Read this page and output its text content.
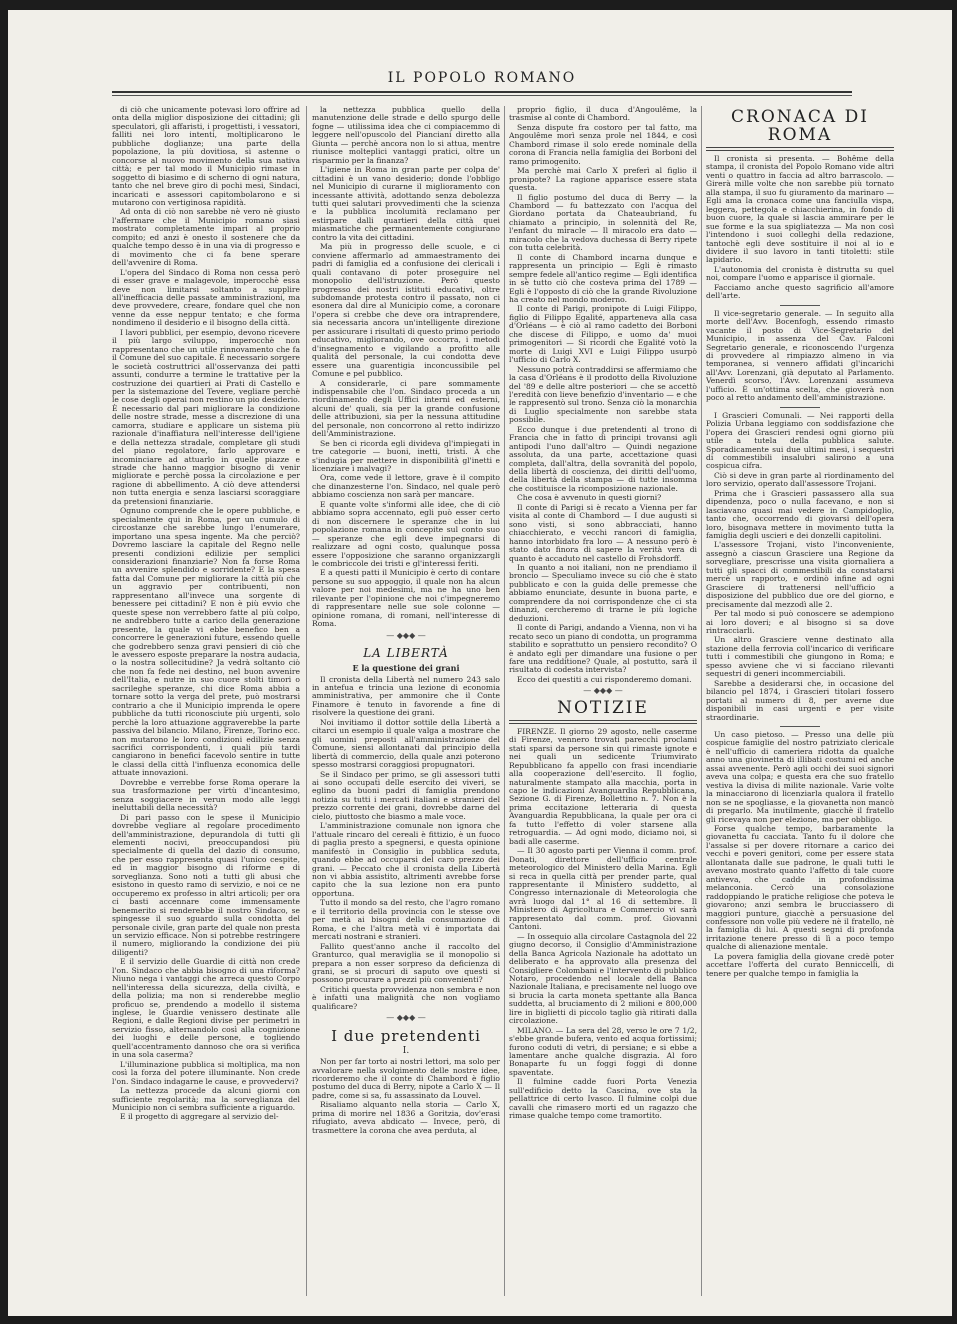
IL POPOLO ROMANO

di ciò che unicamente potevasi loro offrire ad onta della miglior disposizione dei cittadini; gli speculatori, gli affaristi, i progettisti, i vessatori, falliti nei loro intenti, moltiplicarono le pubbliche doglianze; una parte della popolazione, la più dovitiosa, si astenne o concorse al nuovo movimento della sua nativa città; e per tal modo il Municipio rimase in soggetto di biasimo e di scherno di ogni natura, tanto che nel breve giro di pochi mesi, Sindaci, incaricati e assessori capitombolarono e si mutarono con vertiginosa rapidità.

Ad onta di ciò non sarebbe nè vero nè giusto l'affermare che il Municipio romano siasi mostrato completamente impari al proprio compito; ed anzi è onesto il sostenere che da qualche tempo desso è in una via di progresso e di movimento che ci fa bene sperare dell'avvenire di Roma.

L'opera del Sindaco di Roma non cessa però di esser grave e malagevole, imperocchè essa deve non limitarsi soltanto a supplire all'inefficacia delle passate amministrazioni, ma deve provvedere, creare, fondare quel che non venne da esse neppur tentato; e che forma nondimeno il desiderio e il bisogno della città.

I lavori pubblici, per esempio, devono ricevere il più largo sviluppo, imperocchè non rappresentano che un utile rinnovamento che fa il Comune del suo capitale. È necessario sorgere le società costruttrici all'osservanza dei patti assunti, condurre a termine le trattative per la costruzione dei quartieri ai Prati di Castello e per la sistemazione del Tevere, vegliare perchè le cose degli operai non restino un pio desiderio. È necessario dal pari migliorare la condizione delle nostre strade, messe a discrezione di una camorra, studiare e applicare un sistema più razionale d'inaffiatura nell'interesse dell'igiene e della nettezza stradale, completare gli studi del piano regolatore, farlo approvare e incominciare ad attuarlo in quelle piazze e strade che hanno maggior bisogno di venir migliorate e perchè possa la circolazione e per ragione di abbellimento. A ciò deve attendersi non tutta energia e senza lasciarsi scoraggiare da pretensioni finanziarie.

Ognuno comprende che le opere pubbliche, e specialmente qui in Roma, per un cumulo di circostanze che sarebbe lungo l'enumerare, importano una spesa ingente. Ma che perciò? Dovremo lasciare la capitale del Regno nelle presenti condizioni edilizie per semplici considerazioni finanziarie? Non fa forse Roma un avvenire splendido e sorridente? E la spesa fatta dal Comune per migliorare la città più che un aggravio per contribuenti, non rappresentano all'invece una sorgente di benessere pei cittadini? E non è più evvio che queste spese non verrebbero fatte al più colpo, ne andrebbero tutte a carico della generazione presente, la quale vi ebbe benefico ben a concorrere le generazioni future, essendo quelle che godrebbero senza gravi pensieri di ciò che le avessero esposte preparare la nostra audacia, o la nostra sollecitudine? Ja vedrà soltanto ciò che non fa fede nei destino, nel buon avvenire dell'Italia, e nutre in suo cuore stolti timori o sacrileghe speranze, chi dice Roma abbia a tornare sotto la verga del prete, può mostrarsi contrario a che il Municipio imprenda le opere pubbliche da tutti riconosciute più urgenti, solo perchè la loro attuazione aggraverebbe la parte passiva del bilancio. Milano, Firenze, Torino ecc. non mutarono le loro condizioni edilizie senza sacrifici corrispondenti, i quali più tardi cangiarono in benefici facevolo sentire in tutte le classi della città l'influenza economica delle attuate innovazioni.

Dovrebbe e verrebbe forse Roma operare la sua trasformazione per virtù d'incantesimo, senza soggiacere in verun modo alle leggi ineluttabili della necessità?

Di pari passo con le spese il Municipio dovrebbe vegliare al regolare procedimento dell'amministrazione, depurandola di tutti gli elementi nocivi, preoccupandosi più specialmente di quella del dazio di consumo, che per esso rappresenta quasi l'unico cespite, ed in maggior bisogno di riforme e di sorveglianza. Sono noti a tutti gli abusi che esistono in questo ramo di servizio, e noi ce ne occuperemo ex professo in altri articoli; per ora ci basti accennare come immensamente benemerito si renderebbe il nostro Sindaco, se spingesse il suo sguardo sulla condotta del personale civile, gran parte del quale non presta un servizio efficace. Non si potrebbe restringere il numero, migliorando la condizione dei più diligenti?

E il servizio delle Guardie di città non crede l'on. Sindaco che abbia bisogno di una riforma? Niuno nega i vantaggi che arreca questo Corpo nell'interessa della sicurezza, della civiltà, e della polizia; ma non si renderebbe meglio proficuo se, prendendo a modello il sistema inglese, le Guardie venissero destinate alle Regioni, e dalle Regioni divise per perimetri in servizio fisso, alternandolo così alla cognizione dei luoghi e delle persone, e togliendo quell'accentramento dannoso che ora si verifica in una sola caserma?

L'illuminazione pubblica si moltiplica, ma non così la forza del potere illuminante. Non crede l'on. Sindaco indagarne le cause, e provvedervi?

La nettezza procede da alcuni giorni con sufficiente regolarità; ma la sorveglianza del Municipio non ci sembra sufficiente a riguardo.

E il progetto di aggregare al servizio del-

la nettezza pubblica quello della manutenzione delle strade e dello spurgo delle fogne — utilissima idea che ci compiacemmo di leggere nell'opuscolo del Pianciani diretto alla Giunta — perchè ancora non lo si attua, mentre riunisce molteplici vantaggi pratici, oltre un risparmio per la finanza?

L'igiene in Roma in gran parte per colpa de' cittadini è un vano desiderio; donde l'obbligo nel Municipio di curarne il miglioramento con incessante attività, adottando senza debolezza tutti quei salutari provvedimenti che la scienza e la pubblica incolumità reclamano per estirpare dalli quartieri della città quei miasmatiche che permanentemente congiurano contro la vita dei cittadini.

Ma più in progresso delle scuole, e ci conviene affermarlo ad ammaestramento dei padri di famiglia ed a confusione dei clericali i quali contavano di poter proseguire nel monopolio dell'istruzione. Però questo progresso dei nostri istituti educativi, oltre subdomande protesta contro il passato, non ci esonera dal dire al Municipio come, a coronare l'opera si crebbe che deve ora intraprendere, sia necessaria ancora un'intelligente direzione per assicurare i risultati di questo primo periodo educativo, migliorando, ove occorra, i metodi d'insegnamento e vigilando a profitto alle qualità del personale, la cui condotta deve essere una guarentigia inconcussibile pel Comune e pel pubblico.

A considerarle, ci pare sommamente indispensabile che l'on. Sindaco proceda a un riordinamento degli Uffici interni ed esterni, alcuni de' quali, sia per la grande confusione delle attribuzioni, sia per la nessuna attitudine del personale, non concorrono al retto indirizzo dell'Amministrazione.

Se ben ci ricorda egli divideva gl'impiegati in tre categorie — buoni, inetti, tristi. A che s'indugia per mettere in disponibilità gl'inetti e licenziare i malvagi?

Ora, come vede il lettore, grave è il compito che dinanzesterne l'on. Sindaco, nel quale però abbiamo coscienza non sarà per mancare.

E quante volte s'informi alle idee, che di ciò abbiamo sopra accennato, egli può esser certo di non discernere le speranze che in lui popolazione romana in concepite sul conto suo — speranze che egli deve impegnarsi di realizzare ad ogni costo, qualunque possa essere l'opposizione che saranno organizzargli le combriccole dei tristi e gl'interessi feriti.

E a questi patti il Municipio è certo di contare persone su suo appoggio, il quale non ha alcun valore per noi medesimi, ma ne ha uno ben rilevante per l'opinione che noi c'impegneremo di rappresentare nelle sue sole colonne — opinione romana, di romani, nell'interesse di Roma.

— ◆◆◆ —
LA LIBERTÀ
E la questione dei grani

Il cronista della Libertà nel numero 243 salo in antefua e trincia una lezione di economia amministrativa, per ammonire che il Conte Finamore è tenuto in favorende a fine di risolvere la questione dei grani.

Noi invitiamo il dottor sottile della Libertà a citarci un esempio il quale valga a mostrare che gli uomini preposti all'amministrazione del Comune, siensi allontanati dal principio della libertà di commercio, della quale anzi poterono spesso mostrarsi coraggiosi propugnatori.

Se il Sindaco per primo, se gli assessori tutti ai sono occupati delle esercito dei viveri, se eglino da buoni padri di famiglia prendono notizia su tutti i mercati italiani e stranieri del prezzo corrente dei grani, dovrebbe darne del cielo, piuttosto che biasmo a male voce.

L'amministrazione comunale non ignora che l'attuale rincaro del cereali è fittizio, è un fuoco di paglia presto a spegnersi, e questa opinione manifestò in Consiglio in pubblica seduta, quando ebbe ad occuparsi del caro prezzo dei grani. — Peccato che il cronista della Libertà non vi abbia assistito, altrimenti avrebbe forse capito che la sua lezione non era punto opportuna.

Tutto il mondo sa del resto, che l'agro romano e il territorio della provincia con le stesse ove per metà ai bisogni della consumazione di Roma, e che l'altra metà vi è importata dai mercati nostrani e stranieri.

Fallito quest'anno anche il raccolto del Granturco, qual meraviglia se il monopolio si prepara a non esser sorpreso da deficienza di grani, se si procuri di saputo ove questi si possono procurare a prezzi più convenienti?

Critichi questa provvidenza non sembra e non è infatti una malignità che non vogliamo qualificare?

— ◆◆◆ —
I due pretendenti
I.

Non per far torto ai nostri lettori, ma solo per avvalorare nella svolgimento delle nostre idee, ricorderemo che il conte di Chambord è figlio postumo del duca di Berry, nipote a Carlo X — Il padre, come si sa, fu assassinato da Louvel.

Risaliamo alquanto nella storia — Carlo X, prima di morire nel 1836 a Goritzia, dov'erasi rifugiato, aveva abdicato — Invece, però, di trasmettere la corona che avea perduta, al

proprio figlio, il duca d'Angoulême, la trasmise al conte di Chambord.

Senza dispute fra costoro per tal fatto, ma Angoulême morì senza prole nel 1844, e così Chambord rimase il solo erede nominale della corona di Francia nella famiglia dei Borboni del ramo primogenito.

Ma perchè mai Carlo X preferì al figlio il pronipote? La ragione apparisce essere stata questa.

Il figlio postumo del duca di Berry — la Chambord — fu battezzato con l'acqua del Giordano portata da Chateaubriand, fu chiamato a principio, in solennità del Re, l'enfant du miracle — Il miracolo era dato — miracolo che la vedova duchessa di Berry ripete con tutta celebrità.

Il conte di Chambord incarna dunque e rappresenta un principio — Egli è rimasto sempre fedele all'antico regime — Egli identifica in sè tutto ciò che costeva prima del 1789 — Egli è l'opposto di ciò che la grande Rivoluzione ha creato nel mondo moderno.

Il conte di Parigi, pronipote di Luigi Filippo, figlio di Filippo Egalité, apparteneva alla casa d'Orléans — è ciò al ramo cadetto dei Borboni che discese di Filippo, e uomo da' muoi primogenitori — Si ricordi che Egalité votò la morte di Luigi XVI e Luigi Filippo usurpò l'ufficio di Carlo X.

Nessuno potrà contraddirsi se affermiamo che la casa d'Orléans è il prodotto della Rivoluzione del '89 e delle altre posteriori — che se accettò l'eredità con lieve benefizio d'inventario — e che le rappresentò sul trono. Senza ciò la monarchia di Luglio specialmente non sarebbe stata possibile.

Ecco dunque i due pretendenti al trono di Francia che in fatto di principi trovansi agli antipodi l'uno dall'altro — Quindi negazione assoluta, da una parte, accettazione quasi completa, dall'altra, della sovranità del popolo, della libertà di coscienza, dei diritti dell'uomo, della libertà della stampa — di tutte insomma che costituisce la ricomposizione nazionale.

Che cosa è avvenuto in questi giorni?

Il conte di Parigi si è recato a Vienna per far visita al conte di Chambord — I due augusti si sono visti, si sono abbracciati, hanno chiacchierato, e vecchi rancori di famiglia, hanno intorbidato fra loro — A nessuno però è stato dato finora di sapere la verità vera di quanto è accaduto nel castello di Frohsdorff.

In quanto a noi italiani, non ne prendiamo il broncio — Speculiamo invece su ciò che è stato pubblicato e con la guida delle premesse che abbiamo enunciate, desunte in buona parte, e comprendere da noi corrispondenze che ci sta dinanzi, cercheremo di trarne le più logiche deduzioni.

Il conte di Parigi, andando a Vienna, non vi ha recato seco un piano di condotta, un programma stabilito e soprattutto un pensiero recondito? O è andato egli per dimandare una fusione o per fare una redditione? Quale, al postutto, sarà il risultato di codesta intervista?

Ecco dei questiti a cui risponderemo domani.

— ◆◆◆ —
NOTIZIE

FIRENZE. Il giorno 29 agosto, nelle caserme di Firenze, vennero trovati parecchi proclami stati sparsi da persone sin qui rimaste ignote e nei quali un sedicente Triumvirato Repubblicano fa appello con frasi incendiarie alla cooperazione dell'esercito. Il foglio, naturalmente stampato alla macchia, porta in capo le indicazioni Avanguardia Repubblicana, Sezione G. di Firenze, Bollettino n. 7. Non è la prima eccitazione letteraria di questa Avanguardia Repubblicana, la quale per ora ci fa tutto l'effetto di voler starsene alla retroguardia. — Ad ogni modo, diciamo noi, si badi alle caserme.

— Il 30 agosto parti per Vienna il comm. prof. Donati, direttore dell'ufficio centrale meteorologico del Ministero della Marina. Egli si reca in quella città per prender parte, qual rappresentante il Ministero suddetto, al Congresso internazionale di Meteorologia che avrà luogo dal 1° al 16 di settembre. Il Ministero di Agricoltura e Commercio vi sarà rappresentato dal comm. prof. Giovanni Cantoni.

— In ossequio alla circolare Castagnola del 22 giugno decorso, il Consiglio d'Amministrazione della Banca Agricola Nazionale ha adottato un deliberato e ha approvato alla presenza del Consigliere Colombani e l'intervento di pubblico Notaro, procedendo nel locale della Banca Nazionale Italiana, e precisamente nel luogo ove si brucia la carta moneta spettante alla Banca suddetta, al bruciamento di 2 milioni e 800,000 lire in biglietti di piccolo taglio già ritirati dalla circolazione.

MILANO. — La sera del 28, verso le ore 7 1/2, s'ebbe grande bufera, vento ed acqua fortissimi; furono coduti di vetri, di persiane; e si ebbe a lamentare anche qualche disgrazia. Al foro Bonaparte fu un foggi foggi di donne spaventate.

Il fulmine cadde fuori Porta Venezia sull'edificio detto la Cascina, ove sta la pellattrice di certo Ivasco. Il fulmine colpì due cavalli che rimasero morti ed un ragazzo che rimase qualche tempo come tramortito.

CRONACA DI ROMA

Il cronista si presenta. — Bohême della stampa, il cronista del Popolo Romano vide altri venti o quattro in faccia ad altro barrascolo. — Girerà mille volte che non sarebbe più tornato alla stampa, il suo fu giuramento da marinaro — Egli ama la cronaca come una fanciulla vispa, leggera, pettegola e chiacchierina, in fondo di buon cuore, la quale si lascia ammirare per le sue forme e la sua spigliatezza — Ma non così l'intendono i suoi colleghi della redazione, tantochè egli deve sostituire il noi al io e dividere il suo lavoro in tanti titoletti: stile lapidario.

L'autonomia del cronista è distrutta su quel noi, compare l'uomo e apparisce il giornale.

Facciamo anche questo sagrificio all'amore dell'arte.

Il vice-segretario generale. — In seguito alla morte dell'Avv. Bocenfogh, essendo rimasto vacante il posto di Vice-Segretario del Municipio, in assenza del Cav. Falconi Segretario generale, e riconoscendo l'urgenza di provvedere al rimpiazzo almeno in via temporanea, si vennero affidati gl'incarichi all'Avv. Lorenzani, già deputato al Parlamento. Venerdì scorso, l'Avv. Lorenzani assumeva l'ufficio. È un'ottima scelta, che gioverà non poco al retto andamento dell'amministrazione.

I Grascieri Comunali. — Nei rapporti della Polizia Urbana leggiamo con soddisfazione che l'opera dei Grascieri rendesi ogni giorno più utile a tutela della pubblica salute. Sporadicamente sui due ultimi mesi, i sequestri di commestibili insalubri salirono a una cospicua cifra.

Ciò si deve in gran parte al riordinamento del loro servizio, operato dall'assessore Trojani.

Prima che i Grascieri passassero alla sua dipendenza, poco o nulla facevano, e non si lasciavano quasi mai vedere in Campidoglio, tanto che, occorrendo di giovarsi dell'opera loro, bisognava mettere in movimento tutta la famiglia degli uscieri e dei donzelli capitolini.

L'assessore Trojani, visto l'inconveniente, assegnò a ciascun Grasciere una Regione da sorvegliare, prescrisse una visita giornaliera a tutti gli spacci di commestibili da constatarsi mercè un rapporto, e ordinò infine ad ogni Grasciere di trattenersi nell'ufficio a disposizione del pubblico due ore del giorno, e precisamente dal mezzodì alle 2.

Per tal modo si può conoscere se adempiono ai loro doveri; e al bisogno si sa dove rintracciarli.

Un altro Grasciere venne destinato alla stazione della ferrovia coll'incarico di verificare tutti i commestibili che giungono in Roma; e spesso avviene che vi si facciano rilevanti sequestri di generi incommerciabili.

Sarebbe a desiderarsi che, in occasione del bilancio pel 1874, i Grascieri titolari fossero portati al numero di 8, per averne due disponibili in casi urgenti e per visite straordinarie.

Un caso pietoso. — Presso una delle più cospicue famiglie del nostro patriziato clericale è nell'ufficio di cameriera ridotta da qualche anno una giovinetta di illibati costumi ed anche assai avvenente. Però agli occhi dei suoi signori aveva una colpa; e questa era che suo fratello vestiva la divisa di milite nazionale. Varie volte la minacciarono di licenziarla qualora il fratello non se ne spogliasse, e la giovanetta non mancò di pregarlo. Ma inutilmente, giacchè il fratello gli ricevaya non per elezione, ma per obbligo.

Forse qualche tempo, barbaramente la giovanetta fu cacciata. Tanto fu il dolore che l'assalse si per dovere ritornare a carico dei vecchi e poveri genitori, come per essere stata allontanata dalle sue padrone, le quali tutti le avevano mostrato quanto l'affetto di tale cuore antiveva, che cadde in profondissima melanconia. Cercò una consolazione raddoppiando le pratiche religiose che poteva le giovarono; anzi sembra le brucciassero di maggiori punture, giacchè a persuasione del confessore non volle più vedere nè il fratello, nè la famiglia di lui. A questi segni di profonda irritazione tenere presso di lì a poco tempo qualche di alienazione mentale.

La povera famiglia della giovane credè poter accettare l'offerta del curato Benniccelli, di tenere per qualche tempo in famiglia la
